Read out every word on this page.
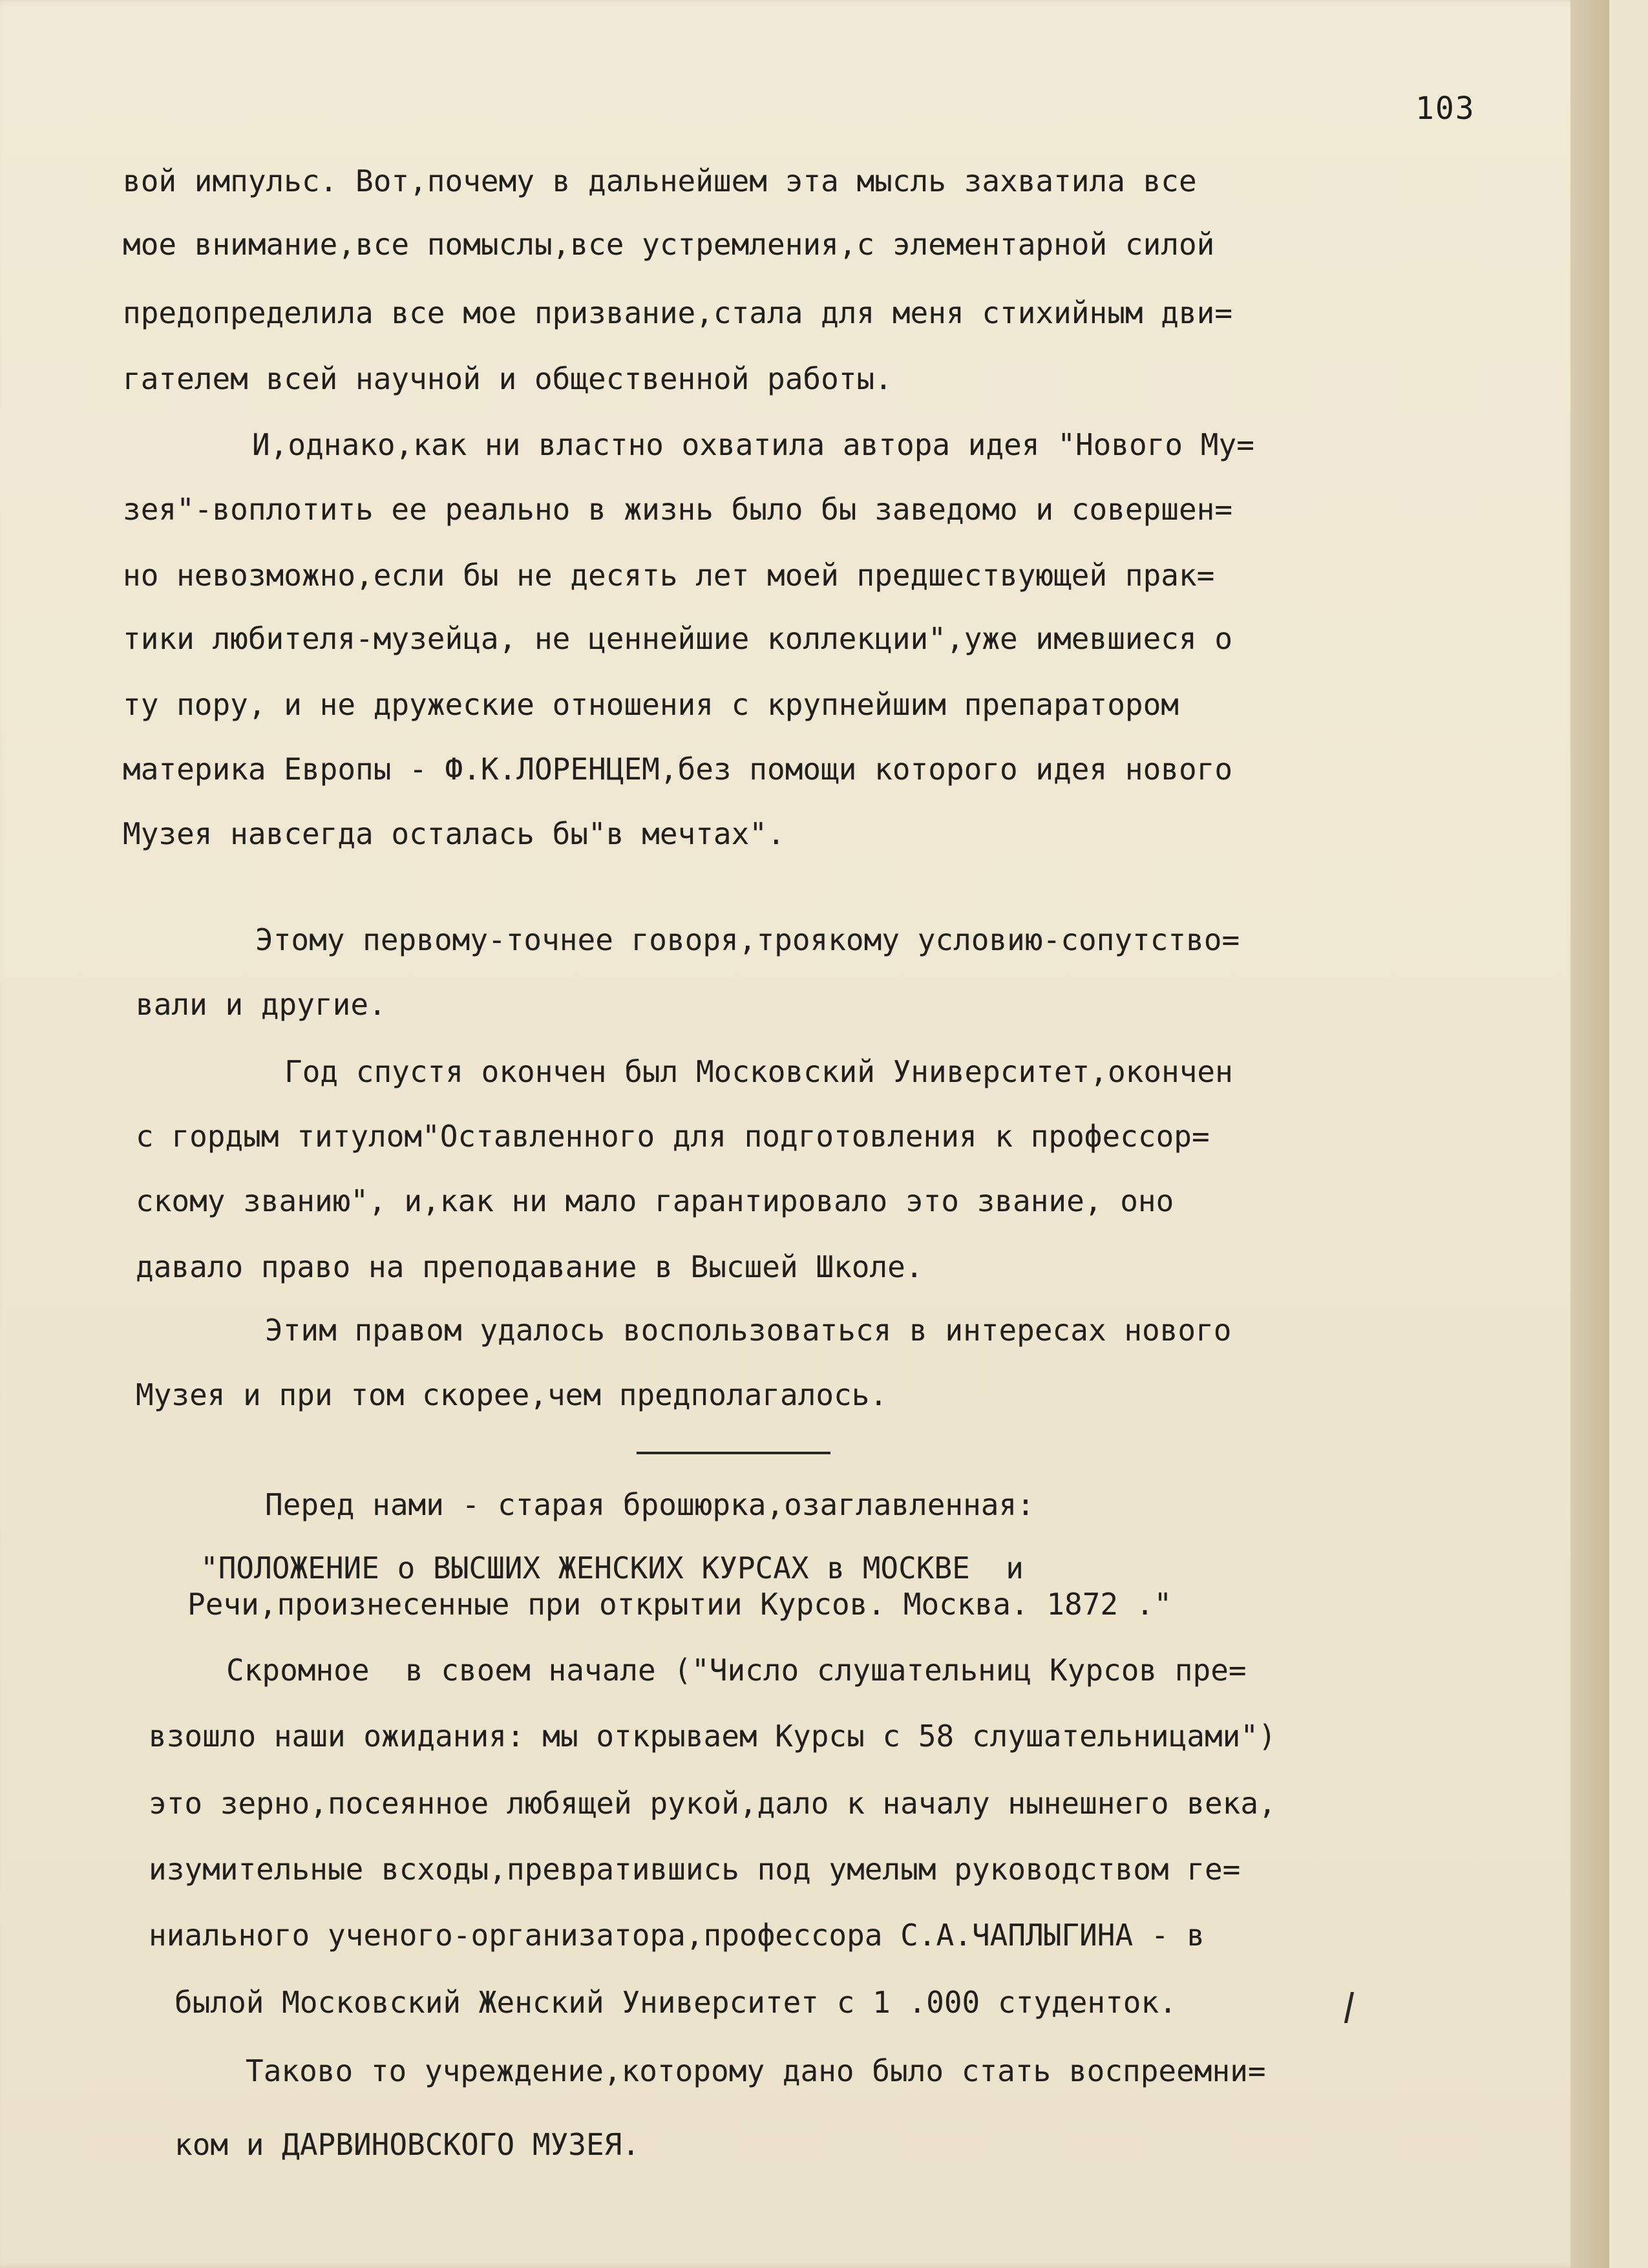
103
вой импульс. Вот,почему в дальнейшем эта мысль захватила все
мое внимание,все помыслы,все устремления,с элементарной силой
предопределила все мое призвание,стала для меня стихийным дви=
гателем всей научной и общественной работы.
И,однако,как ни властно охватила автора идея "Нового Му=
зея"-воплотить ее реально в жизнь было бы заведомо и совершен=
но невозможно,если бы не десять лет моей предшествующей прак=
тики любителя-музейца, не ценнейшие коллекции",уже имевшиеся о
ту пору, и не дружеские отношения с крупнейшим препаратором
материка Европы - Ф.К.ЛОРЕНЦЕМ,без помощи которого идея нового
Музея навсегда осталась бы"в мечтах".
Этому первому-точнее говоря,троякому условию-сопутство=
вали и другие.
Год спустя окончен был Московский Университет,окончен
с гордым титулом"Оставленного для подготовления к профессор=
скому званию", и,как ни мало гарантировало это звание, оно
давало право на преподавание в Высшей Школе.
Этим правом удалось воспользоваться в интересах нового
Музея и при том скорее,чем предполагалось.
Перед нами - старая брошюрка,озаглавленная:
"ПОЛОЖЕНИЕ о ВЫСШИХ ЖЕНСКИХ КУРСАХ в МОСКВЕ  и
Речи,произнесенные при открытии Курсов. Москва. 1872 ."
Скромное  в своем начале ("Число слушательниц Курсов пре=
взошло наши ожидания: мы открываем Курсы с 58 слушательницами")
это зерно,посеянное любящей рукой,дало к началу нынешнего века,
изумительные всходы,превратившись под умелым руководством ге=
ниального ученого-организатора,профессора С.А.ЧАПЛЫГИНА - в
былой Московский Женский Университет с 1 .000 студенток.
Таково то учреждение,которому дано было стать воспреемни=
ком и ДАРВИНОВСКОГО МУЗЕЯ.
